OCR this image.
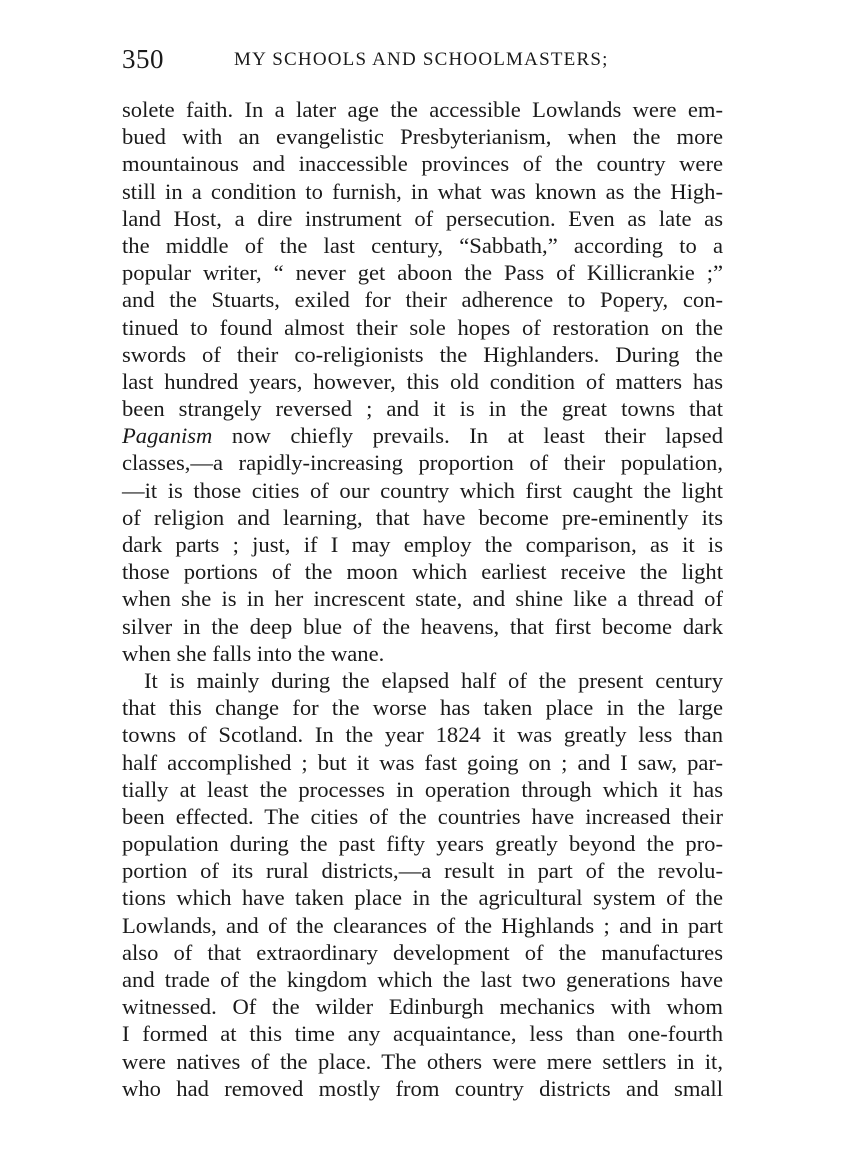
350	MY SCHOOLS AND SCHOOLMASTERS;
solete faith. In a later age the accessible Lowlands were em-
bued with an evangelistic Presbyterianism, when the more
mountainous and inaccessible provinces of the country were
still in a condition to furnish, in what was known as the High-
land Host, a dire instrument of persecution. Even as late as
the middle of the last century, “Sabbath,” according to a
popular writer, “ never get aboon the Pass of Killicrankie ;”
and the Stuarts, exiled for their adherence to Popery, con-
tinued to found almost their sole hopes of restoration on the
swords of their co-religionists the Highlanders. During the
last hundred years, however, this old condition of matters has
been strangely reversed ; and it is in the great towns that
Paganism now chiefly prevails. In at least their lapsed
classes,—a rapidly-increasing proportion of their population,
—it is those cities of our country which first caught the light
of religion and learning, that have become pre-eminently its
dark parts ; just, if I may employ the comparison, as it is
those portions of the moon which earliest receive the light
when she is in her increscent state, and shine like a thread of
silver in the deep blue of the heavens, that first become dark
when she falls into the wane.
It is mainly during the elapsed half of the present century
that this change for the worse has taken place in the large
towns of Scotland. In the year 1824 it was greatly less than
half accomplished ; but it was fast going on ; and I saw, par-
tially at least the processes in operation through which it has
been effected. The cities of the countries have increased their
population during the past fifty years greatly beyond the pro-
portion of its rural districts,—a result in part of the revolu-
tions which have taken place in the agricultural system of the
Lowlands, and of the clearances of the Highlands ; and in part
also of that extraordinary development of the manufactures
and trade of the kingdom which the last two generations have
witnessed. Of the wilder Edinburgh mechanics with whom
I formed at this time any acquaintance, less than one-fourth
were natives of the place. The others were mere settlers in it,
who had removed mostly from country districts and small
